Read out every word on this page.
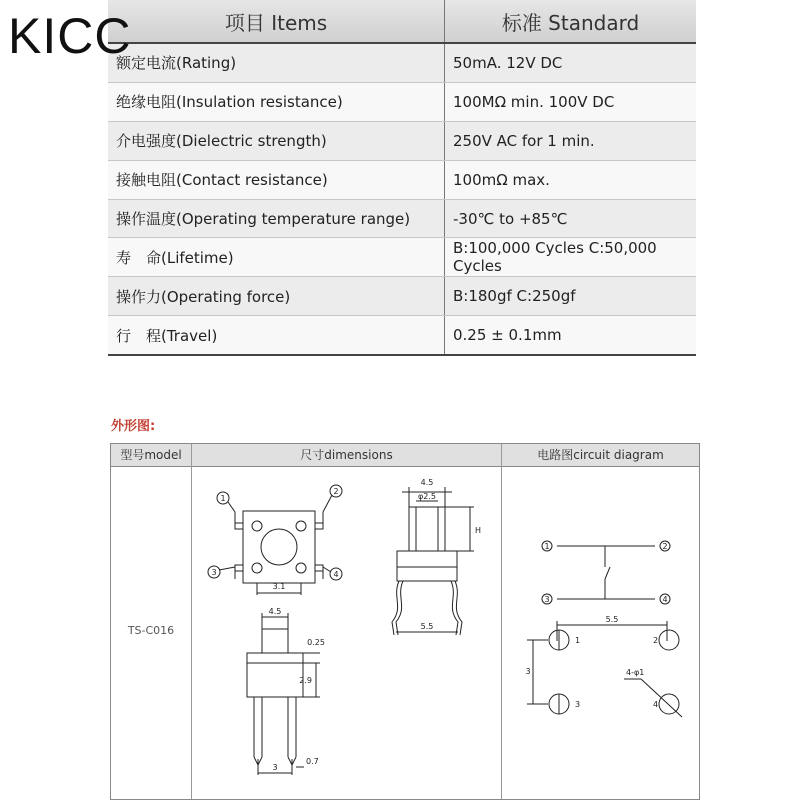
KICC	项目 Items	标准 Standard
额定电流(Rating)	50mA. 12V DC
绝缘电阻(Insulation resistance)	100MΩ min. 100V DC
介电强度(Dielectric strength)	250V AC for 1 min.
接触电阻(Contact resistance)	100mΩ max.
操作温度(Operating temperature range)	-30℃ to +85℃
寿　命(Lifetime)	B:100,000 Cycles C:50,000 Cycles
操作力(Operating force)	B:180gf C:250gf
行　程(Travel)	0.25 ± 0.1mm
外形图:
型号model	尺寸dimensions	电路图circuit diagram
TS-C016
1
2
3	4
3.1
4.5
φ2.5
H
5.5
4.5
0.25
2.9
3
0.7
1	2
3	4
5.5
3	4-φ1
1	2
3	4
